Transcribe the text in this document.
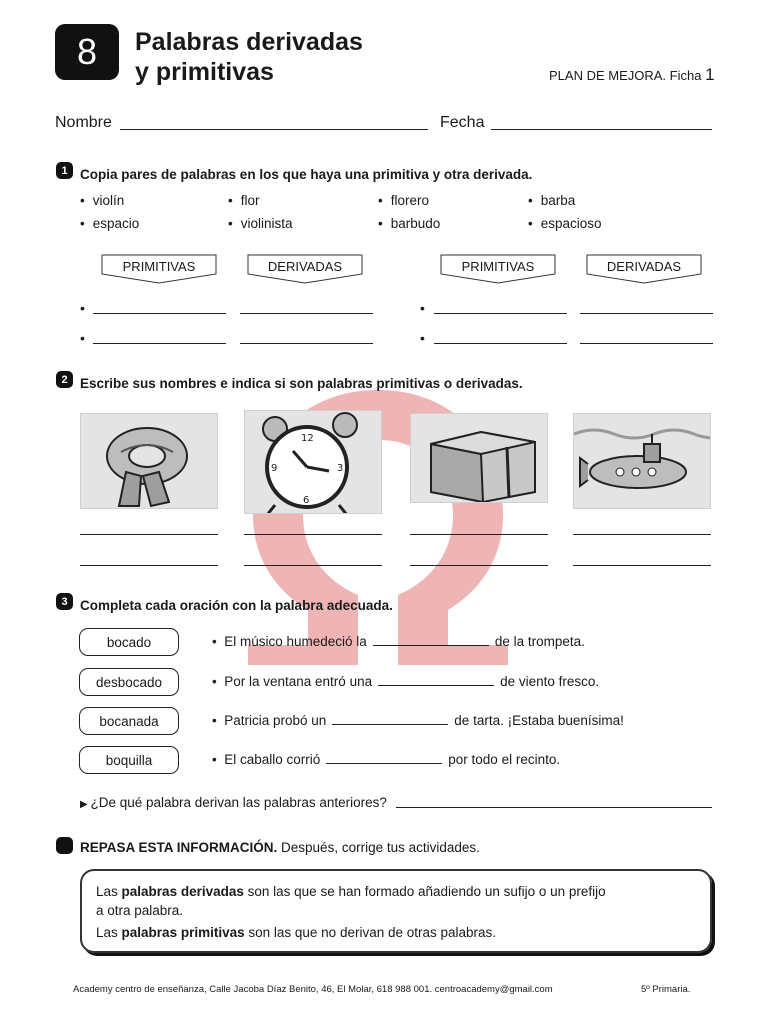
8	Palabras derivadas
y primitivas	PLAN DE MEJORA. Ficha 1
Nombre	Fecha
1 Copia pares de palabras en los que haya una primitiva y otra derivada.
• violín	• flor	• florero	• barba
• espacio	• violinista	• barbudo	• espacioso
PRIMITIVAS	DERIVADAS	PRIMITIVAS	DERIVADAS
•	•
•	•
2 Escribe sus nombres e indica si son palabras primitivas o derivadas.
12
3
6
9
3 Completa cada oración con la palabra adecuada.
bocado
desbocado
bocanada
boquilla
•  El músico humedeció la	de la trompeta.
•  Por la ventana entró una	de viento fresco.
•  Patricia probó un	de tarta. ¡Estaba buenísima!
•  El caballo corrió	por todo el recinto.
▶ ¿De qué palabra derivan las palabras anteriores?
REPASA ESTA INFORMACIÓN. Después, corrige tus actividades.
Las palabras derivadas son las que se han formado añadiendo un sufijo o un prefijo
a otra palabra.
Las palabras primitivas son las que no derivan de otras palabras.
Academy centro de enseñanza, Calle Jacoba Díaz Benito, 46, El Molar, 618 988 001. centroacademy@gmail.com	5º Primaria.
